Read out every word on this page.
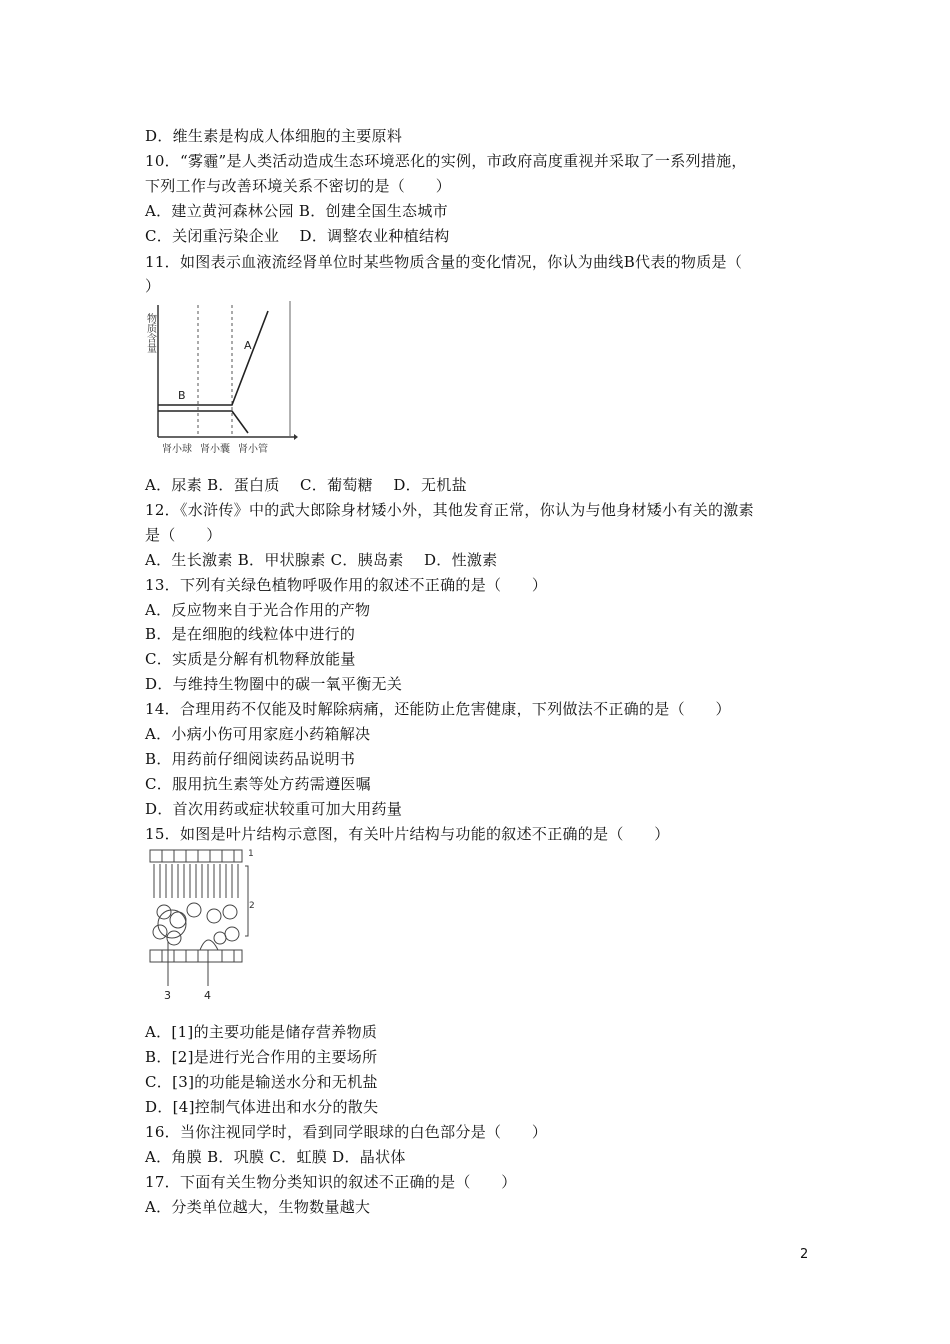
D．维生素是构成人体细胞的主要原料
10．“雾霾”是人类活动造成生态环境恶化的实例，市政府高度重视并采取了一系列措施，
下列工作与改善环境关系不密切的是（　　）
A．建立黄河森林公园 B．创建全国生态城市
C．关闭重污染企业　 D．调整农业种植结构
11．如图表示血液流经肾单位时某些物质含量的变化情况，你认为曲线B代表的物质是（
）
物质含量	A
B
肾小球 肾小囊 肾小管
A．尿素 B．蛋白质　 C．葡萄糖　 D．无机盐
12．《水浒传》中的武大郎除身材矮小外，其他发育正常，你认为与他身材矮小有关的激素
是（　　）
A．生长激素 B．甲状腺素 C．胰岛素　 D．性激素
13．下列有关绿色植物呼吸作用的叙述不正确的是（　　）
A．反应物来自于光合作用的产物
B．是在细胞的线粒体中进行的
C．实质是分解有机物释放能量
D．与维持生物圈中的碳一氧平衡无关
14．合理用药不仅能及时解除病痛，还能防止危害健康，下列做法不正确的是（　　）
A．小病小伤可用家庭小药箱解决
B．用药前仔细阅读药品说明书
C．服用抗生素等处方药需遵医嘱
D．首次用药或症状较重可加大用药量
15．如图是叶片结构示意图，有关叶片结构与功能的叙述不正确的是（　　）
2
1
3	4
A．[1]的主要功能是储存营养物质
B．[2]是进行光合作用的主要场所
C．[3]的功能是输送水分和无机盐
D．[4]控制气体进出和水分的散失
16．当你注视同学时，看到同学眼球的白色部分是（　　）
A．角膜 B．巩膜 C．虹膜 D．晶状体
17．下面有关生物分类知识的叙述不正确的是（　　）
A．分类单位越大，生物数量越大
2
